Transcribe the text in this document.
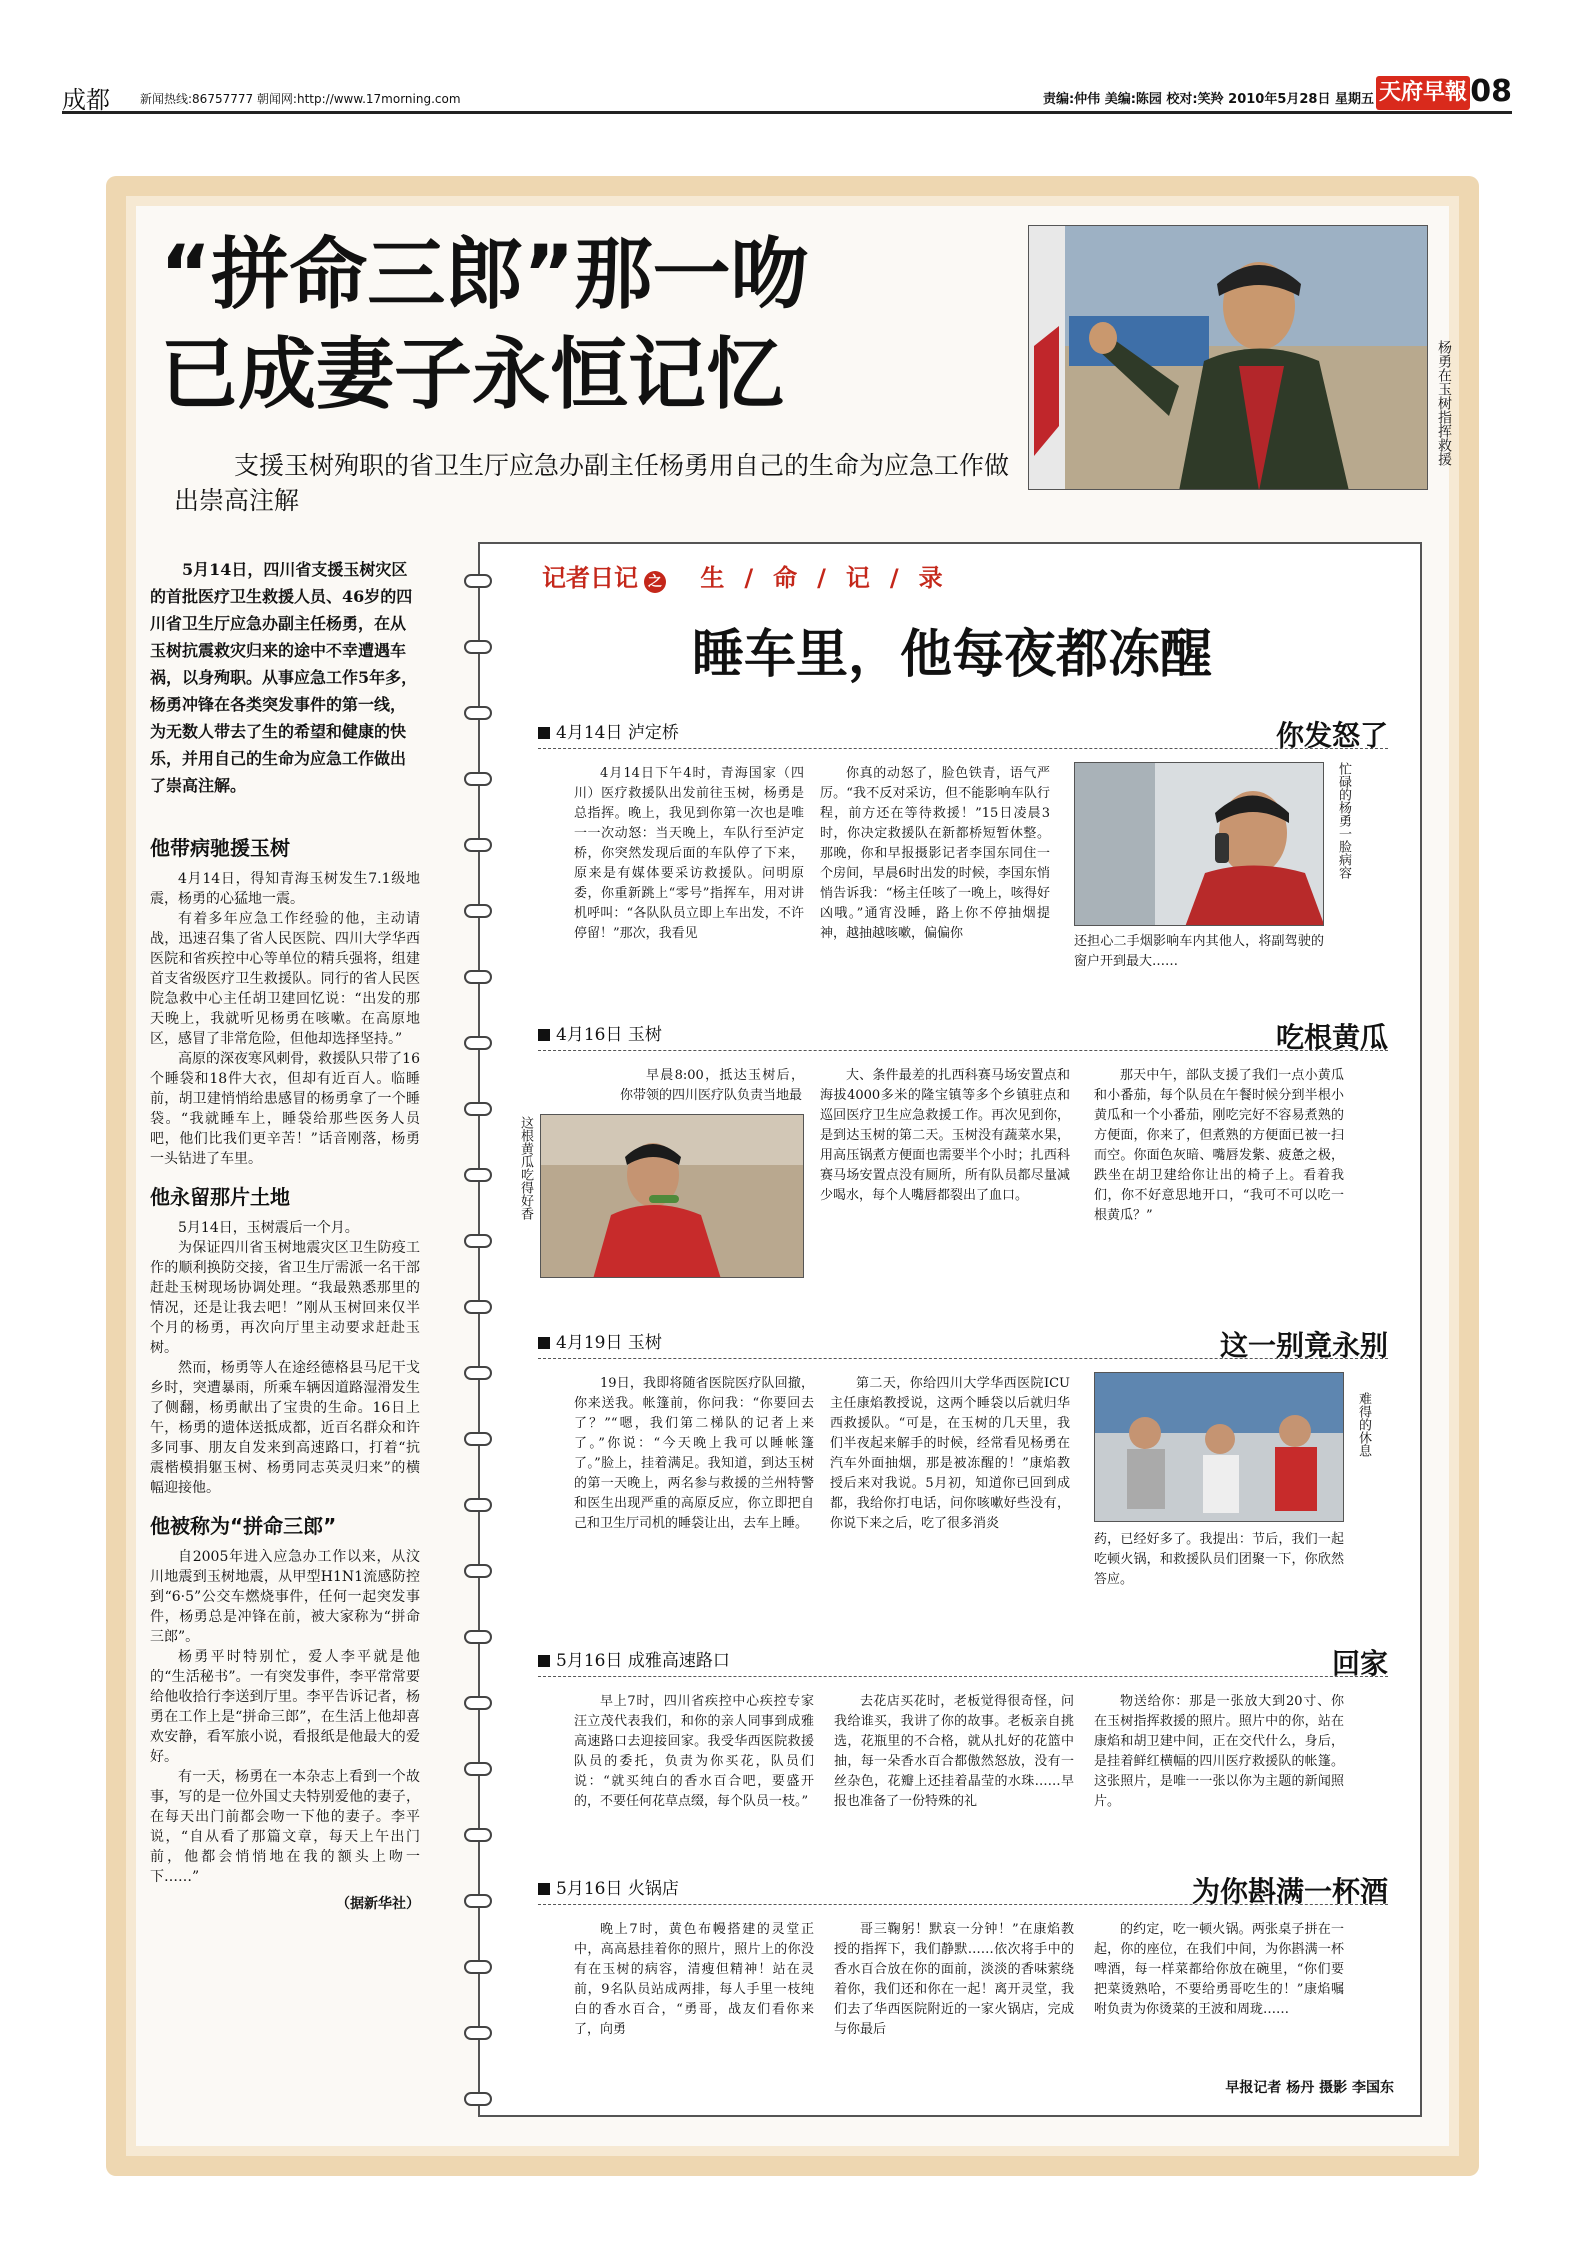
成都	新闻热线:86757777 朝闻网:http://www.17morning.com	责编:仲伟 美编:陈园 校对:笑羚 2010年5月28日 星期五 天府早報 08
“拼命三郎”那一吻
已成妻子永恒记忆
支援玉树殉职的省卫生厅应急办副主任杨勇用自己的生命为应急工作做出崇高注解
杨勇在玉树指挥救援
5月14日，四川省支援玉树灾区的首批医疗卫生救援人员、46岁的四川省卫生厅应急办副主任杨勇，在从玉树抗震救灾归来的途中不幸遭遇车祸，以身殉职。从事应急工作5年多，杨勇冲锋在各类突发事件的第一线，为无数人带去了生的希望和健康的快乐，并用自己的生命为应急工作做出了崇高注解。
他带病驰援玉树

4月14日，得知青海玉树发生7.1级地震，杨勇的心猛地一震。

有着多年应急工作经验的他，主动请战，迅速召集了省人民医院、四川大学华西医院和省疾控中心等单位的精兵强将，组建首支省级医疗卫生救援队。同行的省人民医院急救中心主任胡卫建回忆说：“出发的那天晚上，我就听见杨勇在咳嗽。在高原地区，感冒了非常危险，但他却选择坚持。”

高原的深夜寒风刺骨，救援队只带了16个睡袋和18件大衣，但却有近百人。临睡前，胡卫建悄悄给患感冒的杨勇拿了一个睡袋。“我就睡车上，睡袋给那些医务人员吧，他们比我们更辛苦！”话音刚落，杨勇一头钻进了车里。

他永留那片土地

5月14日，玉树震后一个月。

为保证四川省玉树地震灾区卫生防疫工作的顺利换防交接，省卫生厅需派一名干部赶赴玉树现场协调处理。“我最熟悉那里的情况，还是让我去吧！”刚从玉树回来仅半个月的杨勇，再次向厅里主动要求赶赴玉树。

然而，杨勇等人在途经德格县马尼干戈乡时，突遭暴雨，所乘车辆因道路湿滑发生了侧翻，杨勇献出了宝贵的生命。16日上午，杨勇的遗体送抵成都，近百名群众和许多同事、朋友自发来到高速路口，打着“抗震楷模捐躯玉树、杨勇同志英灵归来”的横幅迎接他。

他被称为“拼命三郎”

自2005年进入应急办工作以来，从汶川地震到玉树地震，从甲型H1N1流感防控到“6·5”公交车燃烧事件，任何一起突发事件，杨勇总是冲锋在前，被大家称为“拼命三郎”。

杨勇平时特别忙，爱人李平就是他的“生活秘书”。一有突发事件，李平常常要给他收拾行李送到厅里。李平告诉记者，杨勇在工作上是“拼命三郎”，在生活上他却喜欢安静，看军旅小说，看报纸是他最大的爱好。

有一天，杨勇在一本杂志上看到一个故事，写的是一位外国丈夫特别爱他的妻子，在每天出门前都会吻一下他的妻子。李平说，“自从看了那篇文章，每天上午出门前，他都会悄悄地在我的额头上吻一下……”

（据新华社）
记者日记 之 生 / 命 / 记 / 录
睡车里，他每夜都冻醒
4月14日 泸定桥	你发怒了
4月14日下午4时，青海国家（四川）医疗救援队出发前往玉树，杨勇是总指挥。晚上，我见到你第一次也是唯一一次动怒：当天晚上，车队行至泸定桥，你突然发现后面的车队停了下来，原来是有媒体要采访救援队。问明原委，你重新跳上“零号”指挥车，用对讲机呼叫：“各队队员立即上车出发，不许停留！”那次，我看见
你真的动怒了，脸色铁青，语气严厉。“我不反对采访，但不能影响车队行程，前方还在等待救援！”15日凌晨3时，你决定救援队在新都桥短暂休整。那晚，你和早报摄影记者李国东同住一个房间，早晨6时出发的时候，李国东悄悄告诉我：“杨主任咳了一晚上，咳得好凶哦。”通宵没睡，路上你不停抽烟提神，越抽越咳嗽，偏偏你
忙碌的杨勇一脸病容
还担心二手烟影响车内其他人，将副驾驶的窗户开到最大……
4月16日 玉树	吃根黄瓜
这根黄瓜吃得好香
早晨8:00，抵达玉树后，你带领的四川医疗队负责当地最
大、条件最差的扎西科赛马场安置点和海拔4000多米的隆宝镇等多个乡镇驻点和巡回医疗卫生应急救援工作。再次见到你，是到达玉树的第二天。玉树没有蔬菜水果，用高压锅煮方便面也需要半个小时；扎西科赛马场安置点没有厕所，所有队员都尽量减少喝水，每个人嘴唇都裂出了血口。
那天中午，部队支援了我们一点小黄瓜和小番茄，每个队员在午餐时候分到半根小黄瓜和一个小番茄，刚吃完好不容易煮熟的方便面，你来了，但煮熟的方便面已被一扫而空。你面色灰暗、嘴唇发紫、疲惫之极，跌坐在胡卫建给你让出的椅子上。看着我们，你不好意思地开口，“我可不可以吃一根黄瓜？”
4月19日 玉树	这一别竟永别
19日，我即将随省医院医疗队回撤，你来送我。帐篷前，你问我：“你要回去了？”“嗯，我们第二梯队的记者上来了。”你说：“今天晚上我可以睡帐篷了。”脸上，挂着满足。我知道，到达玉树的第一天晚上，两名参与救援的兰州特警和医生出现严重的高原反应，你立即把自己和卫生厅司机的睡袋让出，去车上睡。
第二天，你给四川大学华西医院ICU主任康焰教授说，这两个睡袋以后就归华西救援队。“可是，在玉树的几天里，我们半夜起来解手的时候，经常看见杨勇在汽车外面抽烟，那是被冻醒的！”康焰教授后来对我说。5月初，知道你已回到成都，我给你打电话，问你咳嗽好些没有，你说下来之后，吃了很多消炎
难得的休息
药，已经好多了。我提出：节后，我们一起吃顿火锅，和救援队员们团聚一下，你欣然答应。
5月16日 成雅高速路口	回家
早上7时，四川省疾控中心疾控专家汪立茂代表我们，和你的亲人同事到成雅高速路口去迎接回家。我受华西医院救援队员的委托，负责为你买花，队员们说：“就买纯白的香水百合吧，要盛开的，不要任何花草点缀，每个队员一枝。”
去花店买花时，老板觉得很奇怪，问我给谁买，我讲了你的故事。老板亲自挑选，花瓶里的不合格，就从扎好的花篮中抽，每一朵香水百合都傲然怒放，没有一丝杂色，花瓣上还挂着晶莹的水珠……早报也准备了一份特殊的礼
物送给你：那是一张放大到20寸、你在玉树指挥救援的照片。照片中的你，站在康焰和胡卫建中间，正在交代什么，身后，是挂着鲜红横幅的四川医疗救援队的帐篷。这张照片，是唯一一张以你为主题的新闻照片。
5月16日 火锅店	为你斟满一杯酒
晚上7时，黄色布幔搭建的灵堂正中，高高悬挂着你的照片，照片上的你没有在玉树的病容，清瘦但精神！站在灵前，9名队员站成两排，每人手里一枝纯白的香水百合，“勇哥，战友们看你来了，向勇
哥三鞠躬！默哀一分钟！”在康焰教授的指挥下，我们静默……依次将手中的香水百合放在你的面前，淡淡的香味萦绕着你，我们还和你在一起！离开灵堂，我们去了华西医院附近的一家火锅店，完成与你最后
的约定，吃一顿火锅。两张桌子拼在一起，你的座位，在我们中间，为你斟满一杯啤酒，每一样菜都给你放在碗里，“你们要把菜烫熟哈，不要给勇哥吃生的！”康焰嘱咐负责为你烫菜的王波和周珑……
早报记者 杨丹 摄影 李国东
